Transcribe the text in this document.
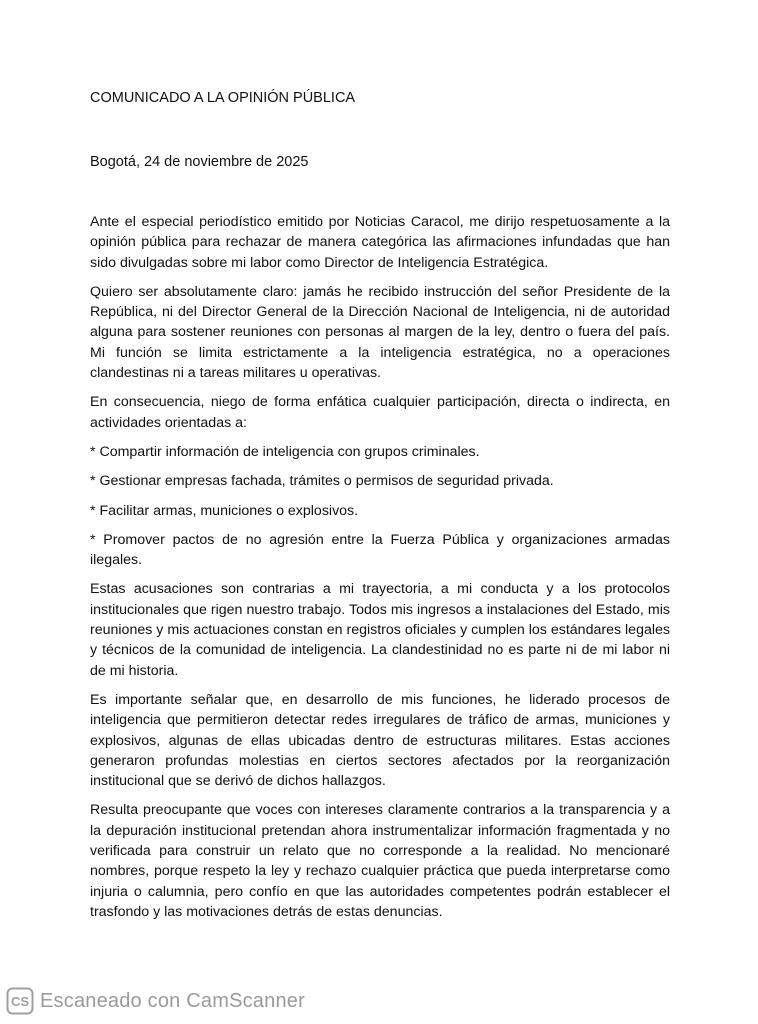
COMUNICADO A LA OPINIÓN PÚBLICA

Bogotá, 24 de noviembre de 2025

Ante el especial periodístico emitido por Noticias Caracol, me dirijo respetuosamente a la opinión pública para rechazar de manera categórica las afirmaciones infundadas que han sido divulgadas sobre mi labor como Director de Inteligencia Estratégica.

Quiero ser absolutamente claro: jamás he recibido instrucción del señor Presidente de la República, ni del Director General de la Dirección Nacional de Inteligencia, ni de autoridad alguna para sostener reuniones con personas al margen de la ley, dentro o fuera del país. Mi función se limita estrictamente a la inteligencia estratégica, no a operaciones clandestinas ni a tareas militares u operativas.

En consecuencia, niego de forma enfática cualquier participación, directa o indirecta, en actividades orientadas a:

* Compartir información de inteligencia con grupos criminales.

* Gestionar empresas fachada, trámites o permisos de seguridad privada.

* Facilitar armas, municiones o explosivos.

* Promover pactos de no agresión entre la Fuerza Pública y organizaciones armadas ilegales.

Estas acusaciones son contrarias a mi trayectoria, a mi conducta y a los protocolos institucionales que rigen nuestro trabajo. Todos mis ingresos a instalaciones del Estado, mis reuniones y mis actuaciones constan en registros oficiales y cumplen los estándares legales y técnicos de la comunidad de inteligencia. La clandestinidad no es parte ni de mi labor ni de mi historia.

Es importante señalar que, en desarrollo de mis funciones, he liderado procesos de inteligencia que permitieron detectar redes irregulares de tráfico de armas, municiones y explosivos, algunas de ellas ubicadas dentro de estructuras militares. Estas acciones generaron profundas molestias en ciertos sectores afectados por la reorganización institucional que se derivó de dichos hallazgos.

Resulta preocupante que voces con intereses claramente contrarios a la transparencia y a la depuración institucional pretendan ahora instrumentalizar información fragmentada y no verificada para construir un relato que no corresponde a la realidad. No mencionaré nombres, porque respeto la ley y rechazo cualquier práctica que pueda interpretarse como injuria o calumnia, pero confío en que las autoridades competentes podrán establecer el trasfondo y las motivaciones detrás de estas denuncias.

CS Escaneado con CamScanner
